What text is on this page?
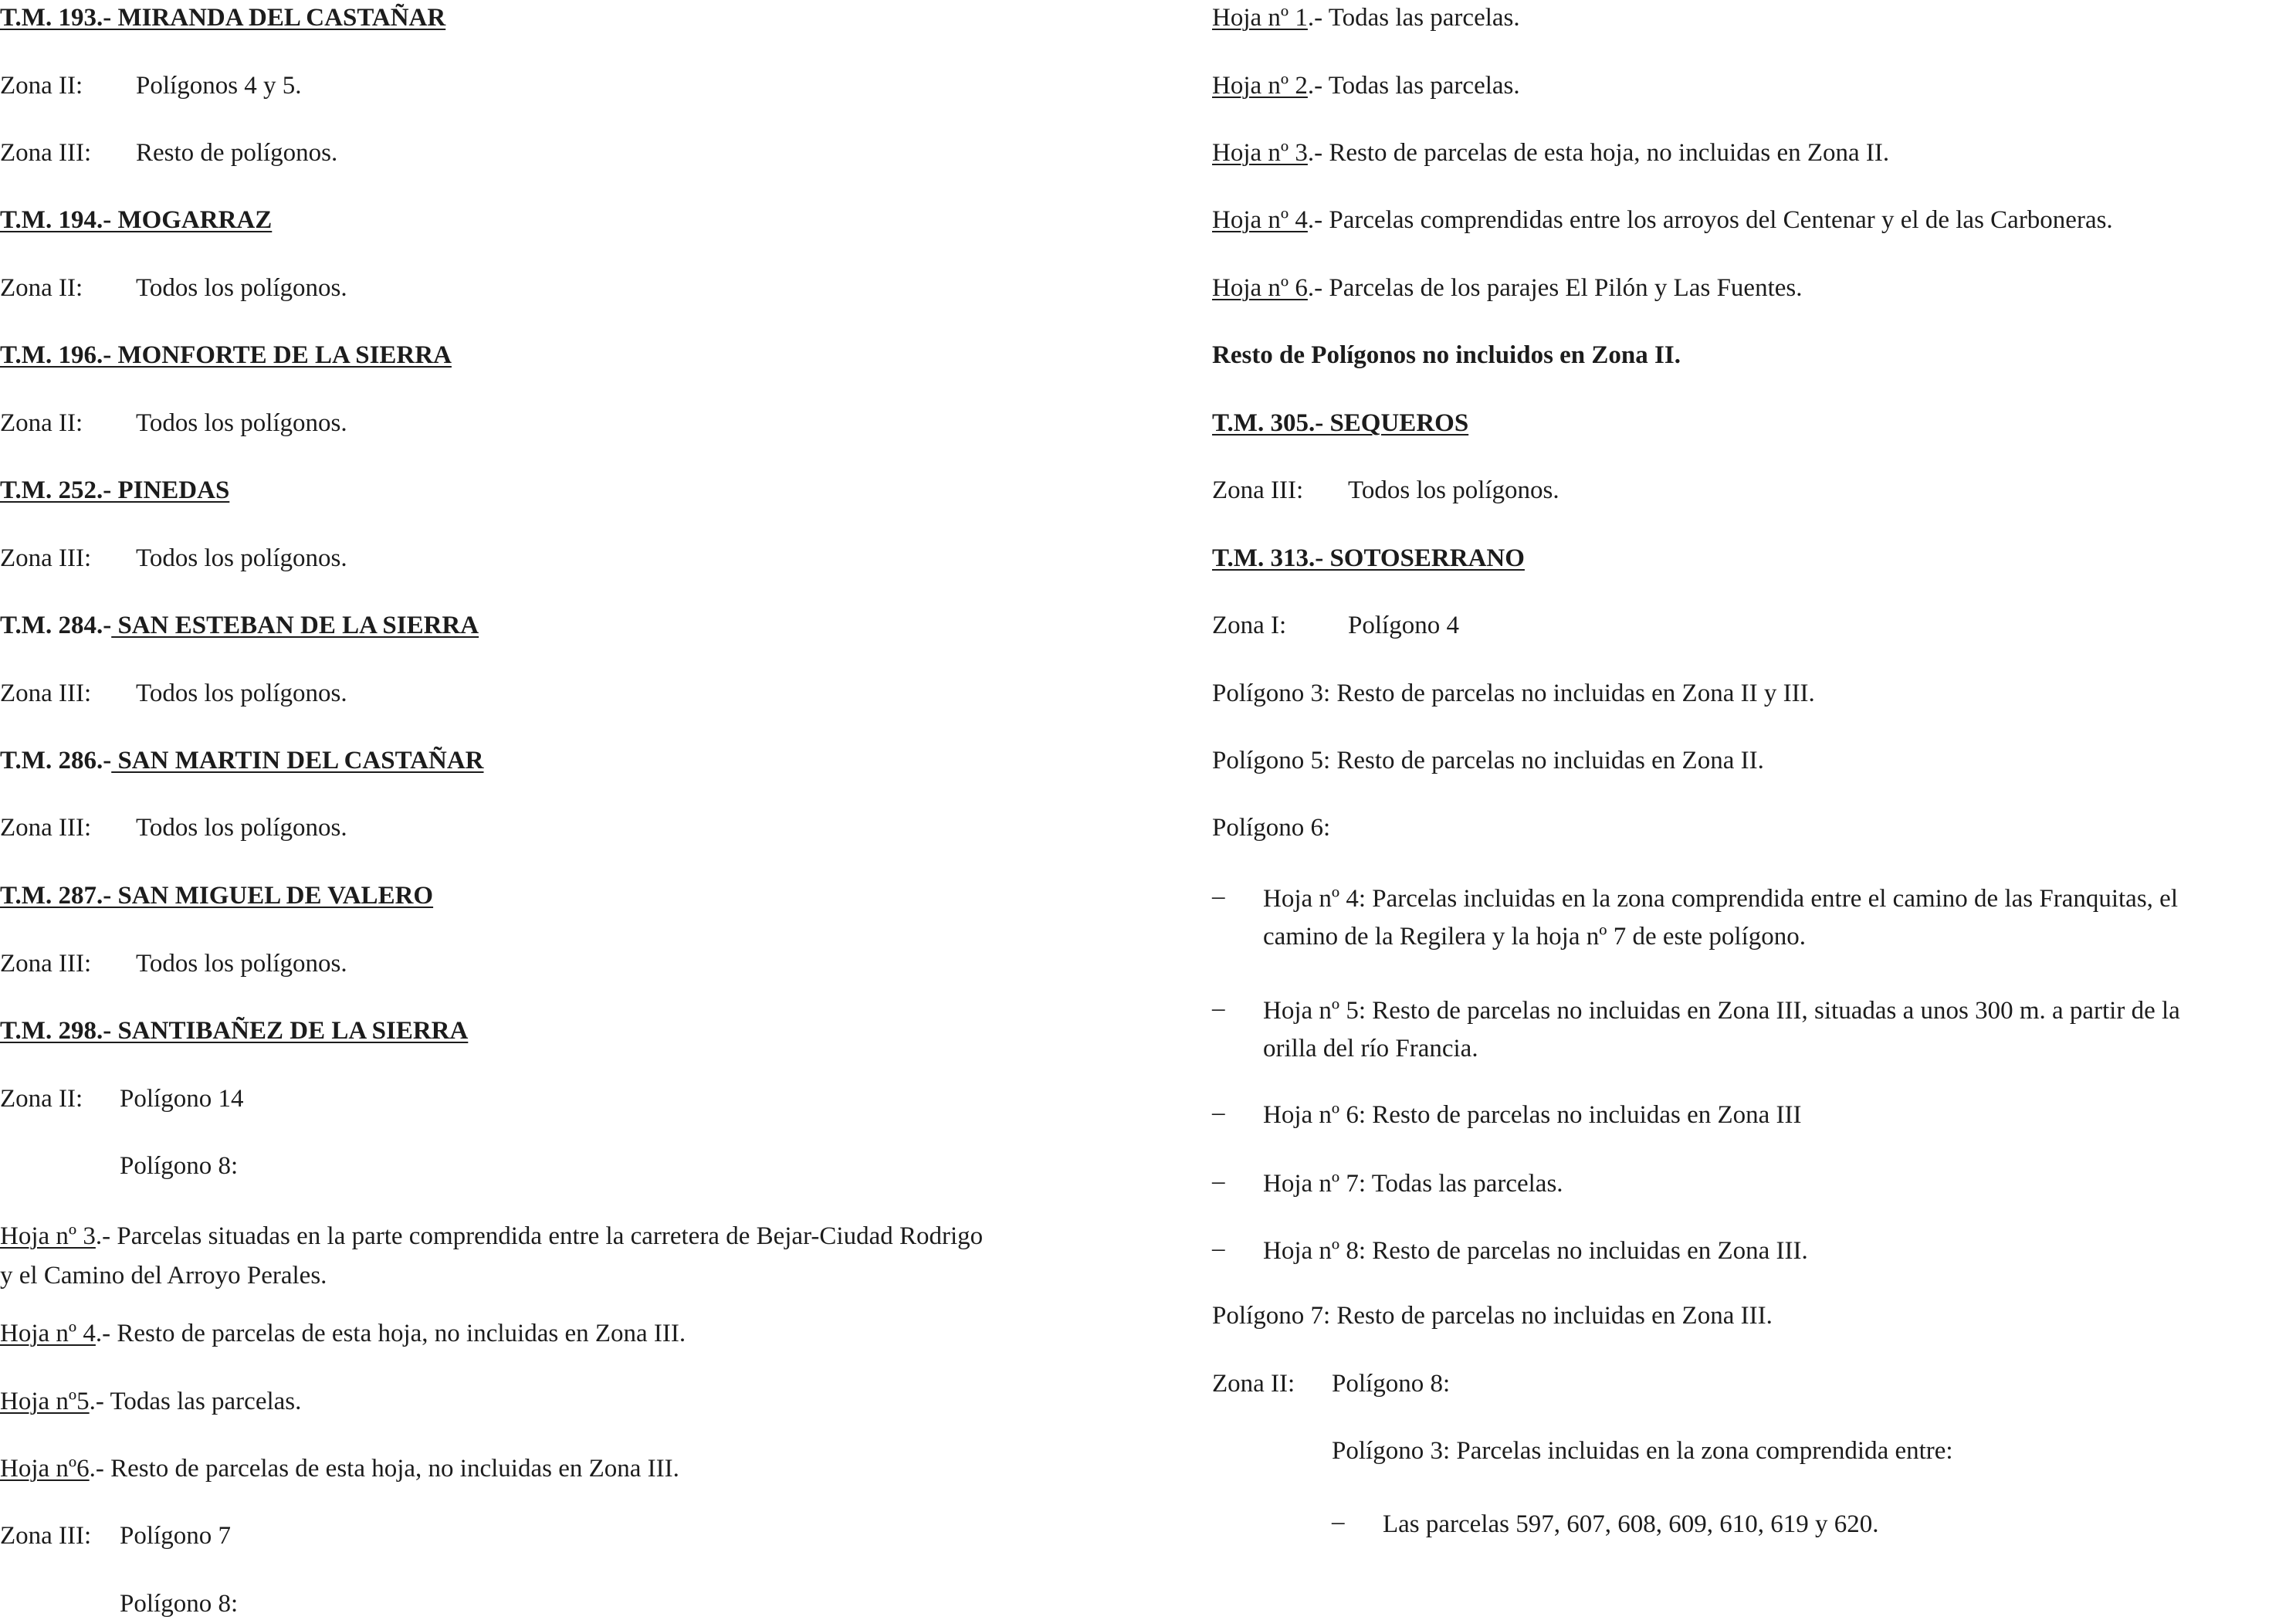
T.M. 193.- MIRANDA DEL CASTAÑAR
Zona II: Polígonos 4 y 5.
Zona III: Resto de polígonos.
T.M. 194.- MOGARRAZ
Zona II: Todos los polígonos.
T.M. 196.- MONFORTE DE LA SIERRA
Zona II: Todos los polígonos.
T.M. 252.- PINEDAS
Zona III: Todos los polígonos.
T.M. 284.- SAN ESTEBAN DE LA SIERRA
Zona III: Todos los polígonos.
T.M. 286.- SAN MARTIN DEL CASTAÑAR
Zona III: Todos los polígonos.
T.M. 287.- SAN MIGUEL DE VALERO
Zona III: Todos los polígonos.
T.M. 298.- SANTIBAÑEZ DE LA SIERRA
Zona II: Polígono 14
Polígono 8:
Hoja nº 3.- Parcelas situadas en la parte comprendida entre la carretera de Bejar-Ciudad Rodrigo
y el Camino del Arroyo Perales.
Hoja nº 4.- Resto de parcelas de esta hoja, no incluidas en Zona III.
Hoja nº5.- Todas las parcelas.
Hoja nº6.- Resto de parcelas de esta hoja, no incluidas en Zona III.
Zona III: Polígono 7
Polígono 8:
Hoja nº 1.- Todas las parcelas.
Hoja nº 2.- Todas las parcelas.
Hoja nº 3.- Resto de parcelas de esta hoja, no incluidas en Zona II.
Hoja nº 4.- Parcelas comprendidas entre los arroyos del Centenar y el de las Carboneras.
Hoja nº 6.- Parcelas de los parajes El Pilón y Las Fuentes.
Resto de Polígonos no incluidos en Zona II.
T.M. 305.- SEQUEROS
Zona III: Todos los polígonos.
T.M. 313.- SOTOSERRANO
Zona I: Polígono 4
Polígono 3: Resto de parcelas no incluidas en Zona II y III.
Polígono 5: Resto de parcelas no incluidas en Zona II.
Polígono 6:
– Hoja nº 4: Parcelas incluidas en la zona comprendida entre el camino de las Franquitas, el
camino de la Regilera y la hoja nº 7 de este polígono.
– Hoja nº 5: Resto de parcelas no incluidas en Zona III, situadas a unos 300 m. a partir de la
orilla del río Francia.
– Hoja nº 6: Resto de parcelas no incluidas en Zona III
– Hoja nº 7: Todas las parcelas.
– Hoja nº 8: Resto de parcelas no incluidas en Zona III.
Polígono 7: Resto de parcelas no incluidas en Zona III.
Zona II: Polígono 8:
Polígono 3: Parcelas incluidas en la zona comprendida entre:
– Las parcelas 597, 607, 608, 609, 610, 619 y 620.
